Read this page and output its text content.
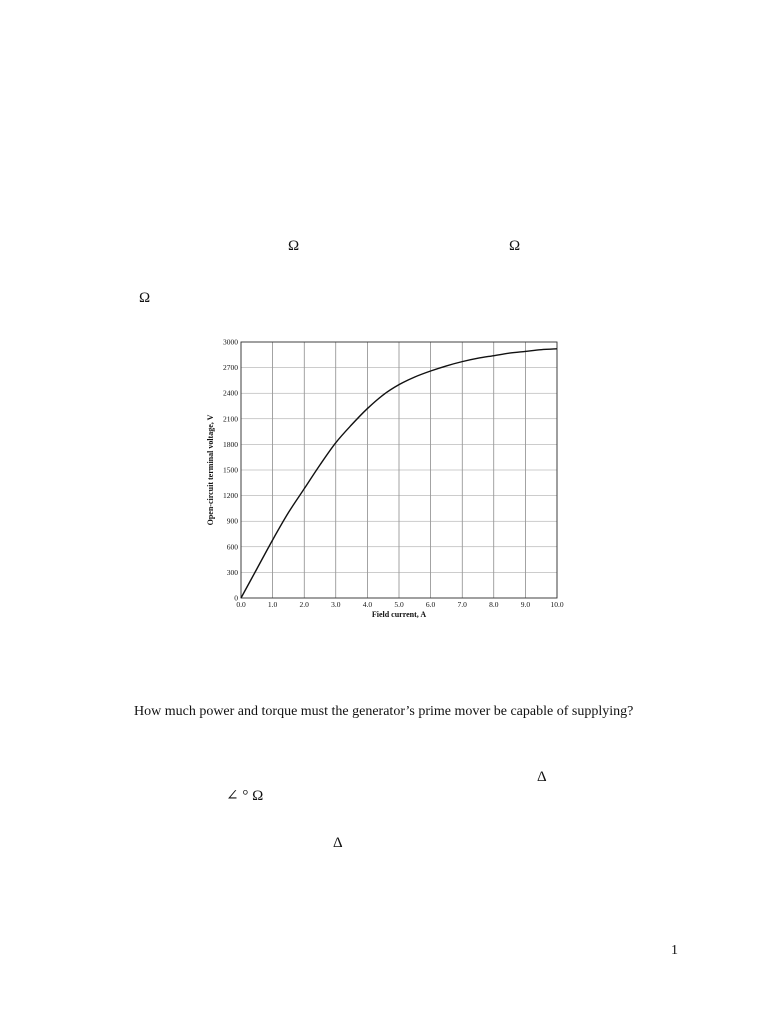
Ω	Ω
Ω
0
300
600
900
1200
1500
1800
2100
2400
2700
3000
0.0	1.0	2.0	3.0	4.0	5.0	6.0	7.0	8.0	9.0	10.0
Field current, A
Open-circuit terminal voltage, V
How much power and torque must the generator’s prime mover be capable of supplying?
Δ
∠ ° Ω
Δ
1
